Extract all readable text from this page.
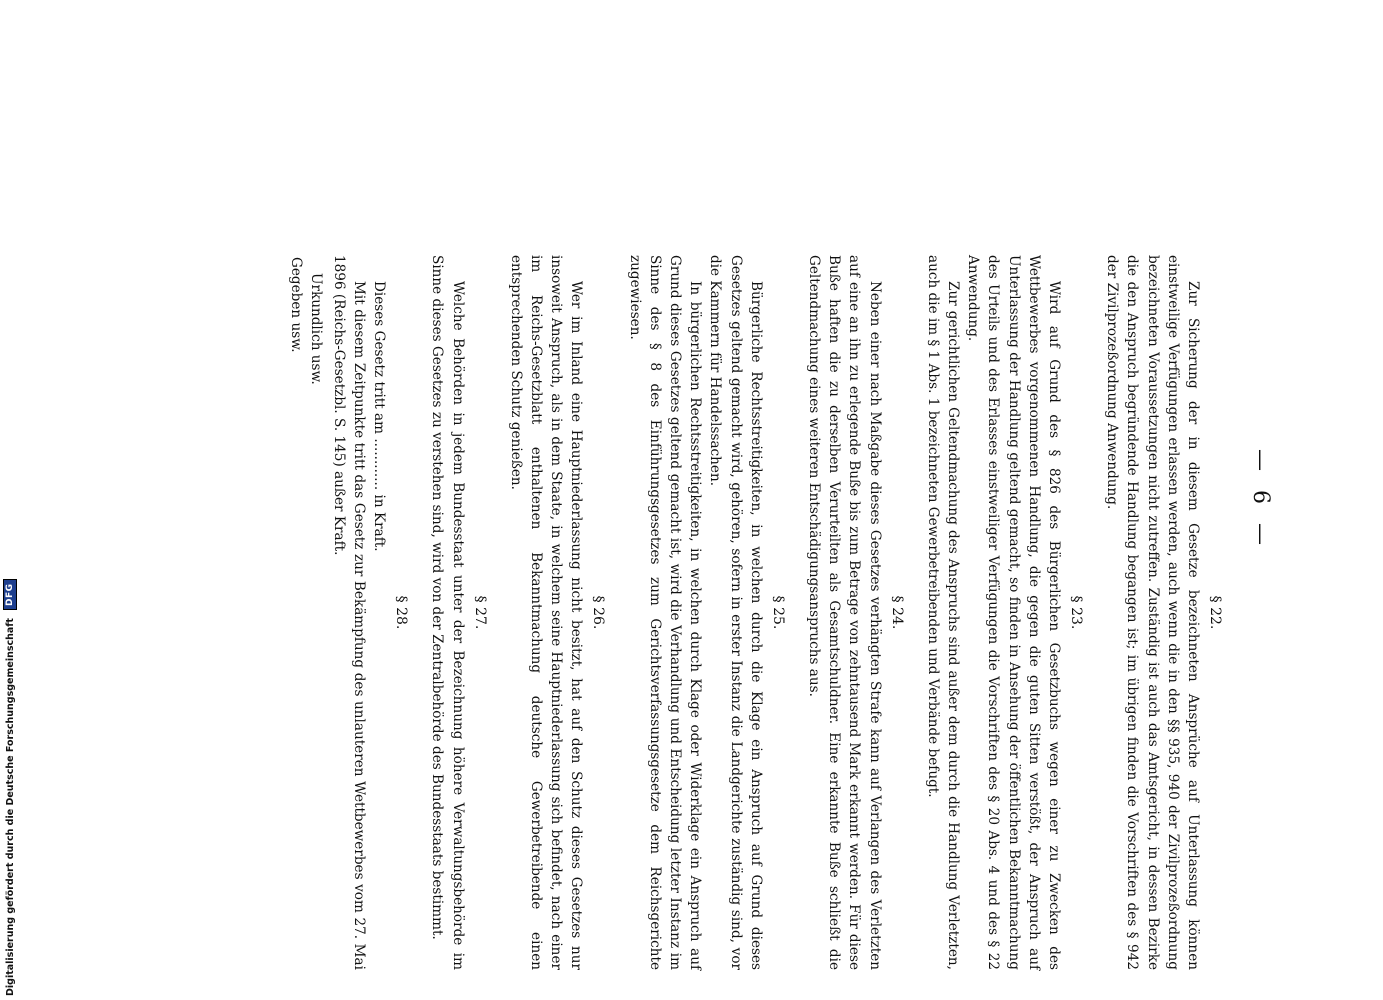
— 6 —
§ 22.

Zur Sicherung der in diesem Gesetze bezeichneten Ansprüche auf Unterlassung können einstweilige Verfügungen erlassen werden, auch wenn die in den §§ 935, 940 der Zivilprozeßordnung bezeichneten Voraussetzungen nicht zutreffen. Zuständig ist auch das Amtsgericht, in dessen Bezirke die den Anspruch begründende Handlung begangen ist; im übrigen finden die Vorschriften des § 942 der Zivilprozeßordnung Anwendung.

§ 23.

Wird auf Grund des § 826 des Bürgerlichen Gesetzbuchs wegen einer zu Zwecken des Wettbewerbes vorgenommenen Handlung, die gegen die guten Sitten verstößt, der Anspruch auf Unterlassung der Handlung geltend gemacht, so finden in Ansehung der öffentlichen Bekanntmachung des Urteils und des Erlasses einstweiliger Verfügungen die Vorschriften des § 20 Abs. 4 und des § 22 Anwendung.

Zur gerichtlichen Geltendmachung des Anspruchs sind außer dem durch die Handlung Verletzten, auch die im § 1 Abs. 1 bezeichneten Gewerbetreibenden und Verbände befugt.

§ 24.

Neben einer nach Maßgabe dieses Gesetzes verhängten Strafe kann auf Verlangen des Verletzten auf eine an ihn zu erlegende Buße bis zum Betrage von zehntausend Mark erkannt werden. Für diese Buße haften die zu derselben Verurteilten als Gesamtschuldner. Eine erkannte Buße schließt die Geltendmachung eines weiteren Entschädigungsanspruchs aus.

§ 25.

Bürgerliche Rechtsstreitigkeiten, in welchen durch die Klage ein Anspruch auf Grund dieses Gesetzes geltend gemacht wird, gehören, sofern in erster Instanz die Landgerichte zuständig sind, vor die Kammern für Handelssachen.

In bürgerlichen Rechtsstreitigkeiten, in welchen durch Klage oder Widerklage ein Anspruch auf Grund dieses Gesetzes geltend gemacht ist, wird die Verhandlung und Entscheidung letzter Instanz im Sinne des § 8 des Einführungsgesetzes zum Gerichtsverfassungsgesetze dem Reichsgerichte zugewiesen.

§ 26.

Wer im Inland eine Hauptniederlassung nicht besitzt, hat auf den Schutz dieses Gesetzes nur insoweit Anspruch, als in dem Staate, in welchem seine Hauptniederlassung sich befindet, nach einer im Reichs-Gesetzblatt enthaltenen Bekanntmachung deutsche Gewerbetreibende einen entsprechenden Schutz genießen.

§ 27.

Welche Behörden in jedem Bundesstaat unter der Bezeichnung höhere Verwaltungsbehörde im Sinne dieses Gesetzes zu verstehen sind, wird von der Zentralbehörde des Bundesstaats bestimmt.

§ 28.

Dieses Gesetz tritt am ............ in Kraft.

Mit diesem Zeitpunkte tritt das Gesetz zur Bekämpfung des unlauteren Wettbewerbes vom 27. Mai 1896 (Reichs-Gesetzbl. S. 145) außer Kraft.

Urkundlich usw.

Gegeben usw.

Digitalisierung gefördert durch die Deutsche Forschungsgemeinschaft
DFG
